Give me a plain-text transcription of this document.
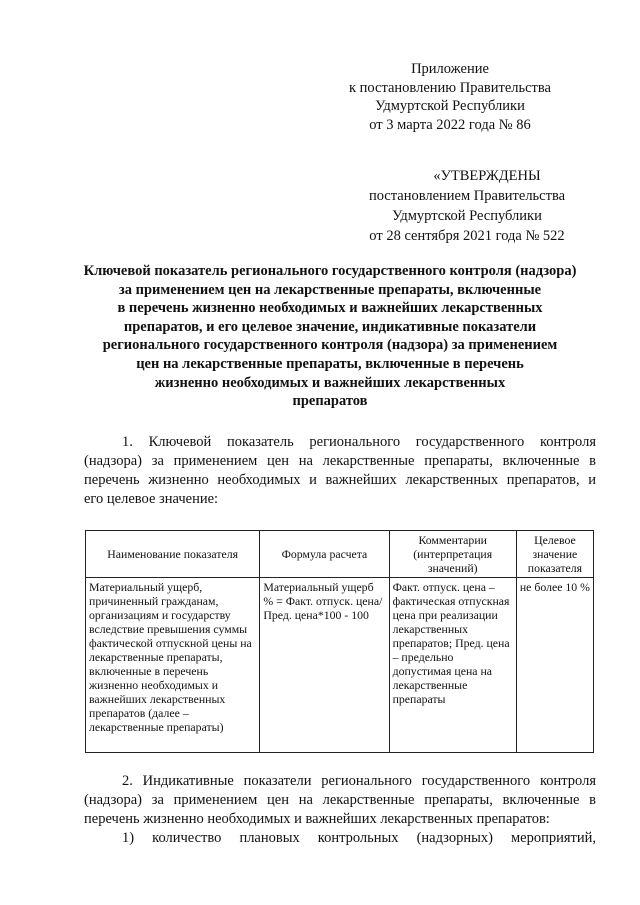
Приложение
к постановлению Правительства
Удмуртской Республики
от 3 марта 2022 года № 86
«УТВЕРЖДЕНЫ
постановлением Правительства
Удмуртской Республики
от 28 сентября 2021 года № 522
Ключевой показатель регионального государственного контроля (надзора)
за применением цен на лекарственные препараты, включенные
в перечень жизненно необходимых и важнейших лекарственных
препаратов, и его целевое значение, индикативные показатели
регионального государственного контроля (надзора) за применением
цен на лекарственные препараты, включенные в перечень
жизненно необходимых и важнейших лекарственных
препаратов
1. Ключевой показатель регионального государственного контроля
(надзора) за применением цен на лекарственные препараты, включенные в
перечень жизненно необходимых и важнейших лекарственных препаратов, и
его целевое значение:
Наименование показателя	Формула расчета	Комментарии (интерпретация значений)	Целевое значение показателя
Материальный ущерб, причиненный гражданам, организациям и государству вследствие превышения суммы фактической отпускной цены на лекарственные препараты, включенные в перечень жизненно необходимых и важнейших лекарственных препаратов (далее – лекарственные препараты)	Материальный ущерб % = Факт. отпуск. цена/ Пред. цена*100 - 100	Факт. отпуск. цена – фактическая отпускная цена при реализации лекарственных препаратов; Пред. цена – предельно допустимая цена на лекарственные препараты	не более 10 %
2. Индикативные показатели регионального государственного контроля
(надзора) за применением цен на лекарственные препараты, включенные в
перечень жизненно необходимых и важнейших лекарственных препаратов:
1) количество плановых контрольных (надзорных) мероприятий,
